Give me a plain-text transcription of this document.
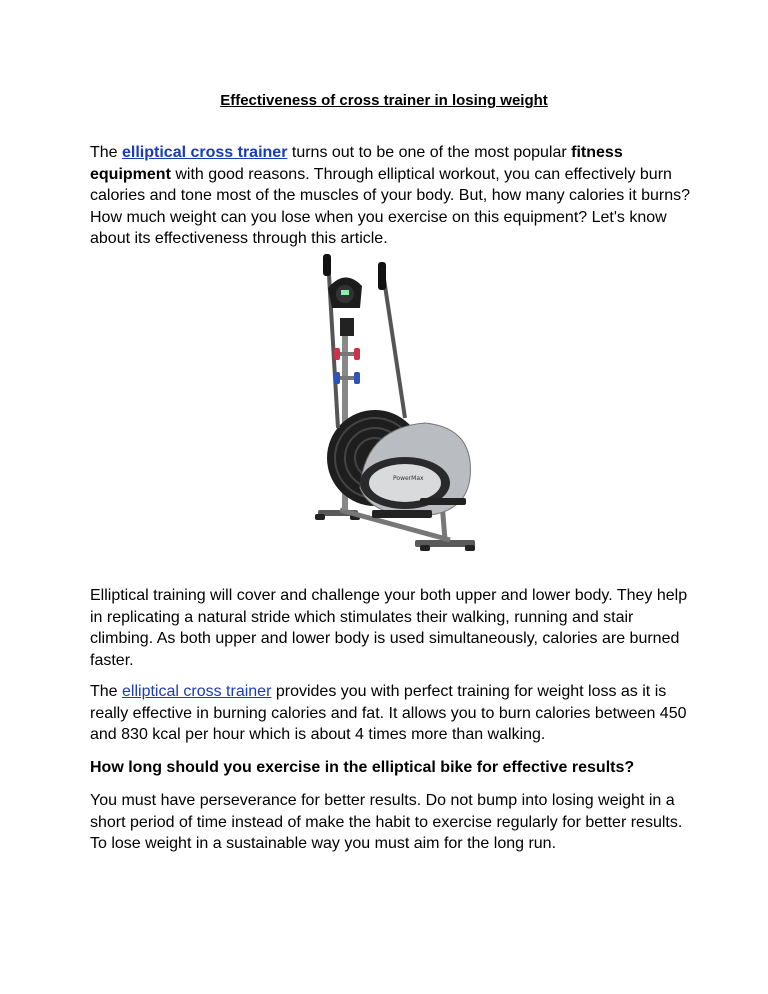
Effectiveness of cross trainer in losing weight
The elliptical cross trainer turns out to be one of the most popular fitness equipment with good reasons. Through elliptical workout, you can effectively burn calories and tone most of the muscles of your body. But, how many calories it burns? How much weight can you lose when you exercise on this equipment? Let's know about its effectiveness through this article.
PowerMax
Elliptical training will cover and challenge your both upper and lower body. They help in replicating a natural stride which stimulates their walking, running and stair climbing. As both upper and lower body is used simultaneously, calories are burned faster.
The elliptical cross trainer provides you with perfect training for weight loss as it is really effective in burning calories and fat. It allows you to burn calories between 450 and 830 kcal per hour which is about 4 times more than walking.
How long should you exercise in the elliptical bike for effective results?
You must have perseverance for better results. Do not bump into losing weight in a short period of time instead of make the habit to exercise regularly for better results. To lose weight in a sustainable way you must aim for the long run.
